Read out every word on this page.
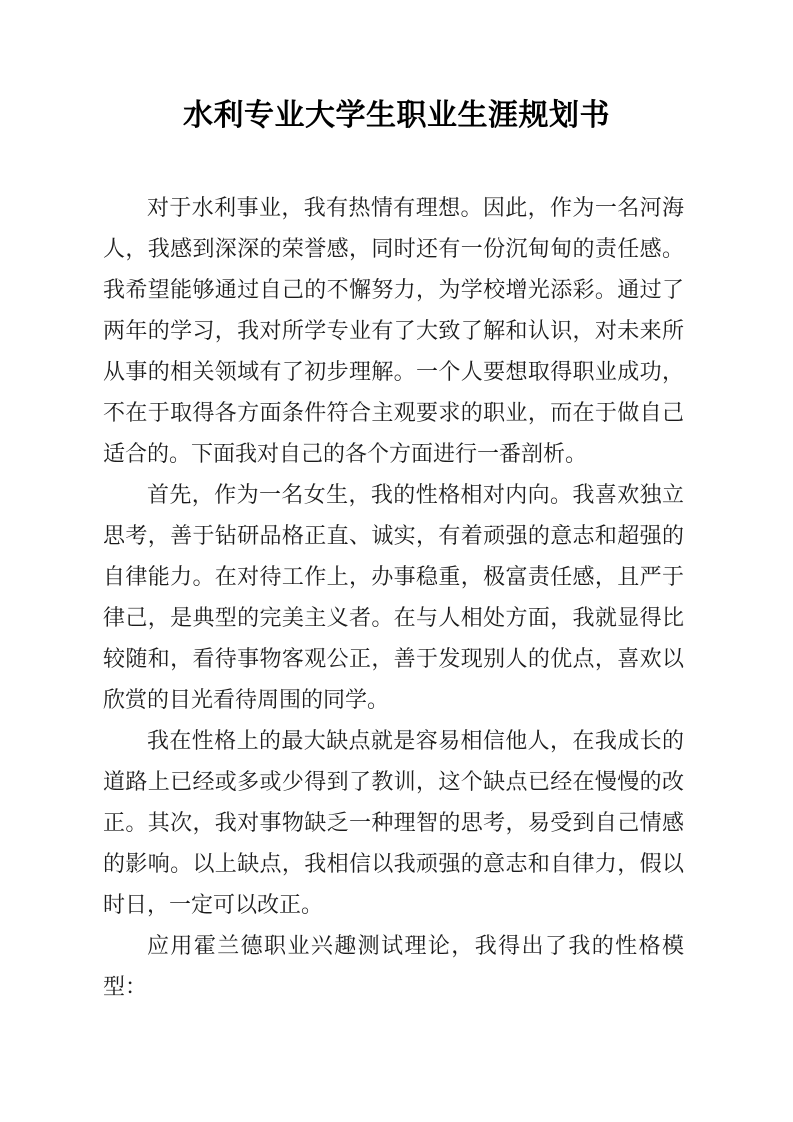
水利专业大学生职业生涯规划书

对于水利事业，我有热情有理想。因此，作为一名河海人，我感到深深的荣誉感，同时还有一份沉甸甸的责任感。我希望能够通过自己的不懈努力，为学校增光添彩。通过了两年的学习，我对所学专业有了大致了解和认识，对未来所从事的相关领域有了初步理解。一个人要想取得职业成功，不在于取得各方面条件符合主观要求的职业，而在于做自己适合的。下面我对自己的各个方面进行一番剖析。

首先，作为一名女生，我的性格相对内向。我喜欢独立思考，善于钻研品格正直、诚实，有着顽强的意志和超强的自律能力。在对待工作上，办事稳重，极富责任感，且严于律己，是典型的完美主义者。在与人相处方面，我就显得比较随和，看待事物客观公正，善于发现别人的优点，喜欢以欣赏的目光看待周围的同学。

我在性格上的最大缺点就是容易相信他人，在我成长的道路上已经或多或少得到了教训，这个缺点已经在慢慢的改正。其次，我对事物缺乏一种理智的思考，易受到自己情感的影响。以上缺点，我相信以我顽强的意志和自律力，假以时日，一定可以改正。

应用霍兰德职业兴趣测试理论，我得出了我的性格模型：
